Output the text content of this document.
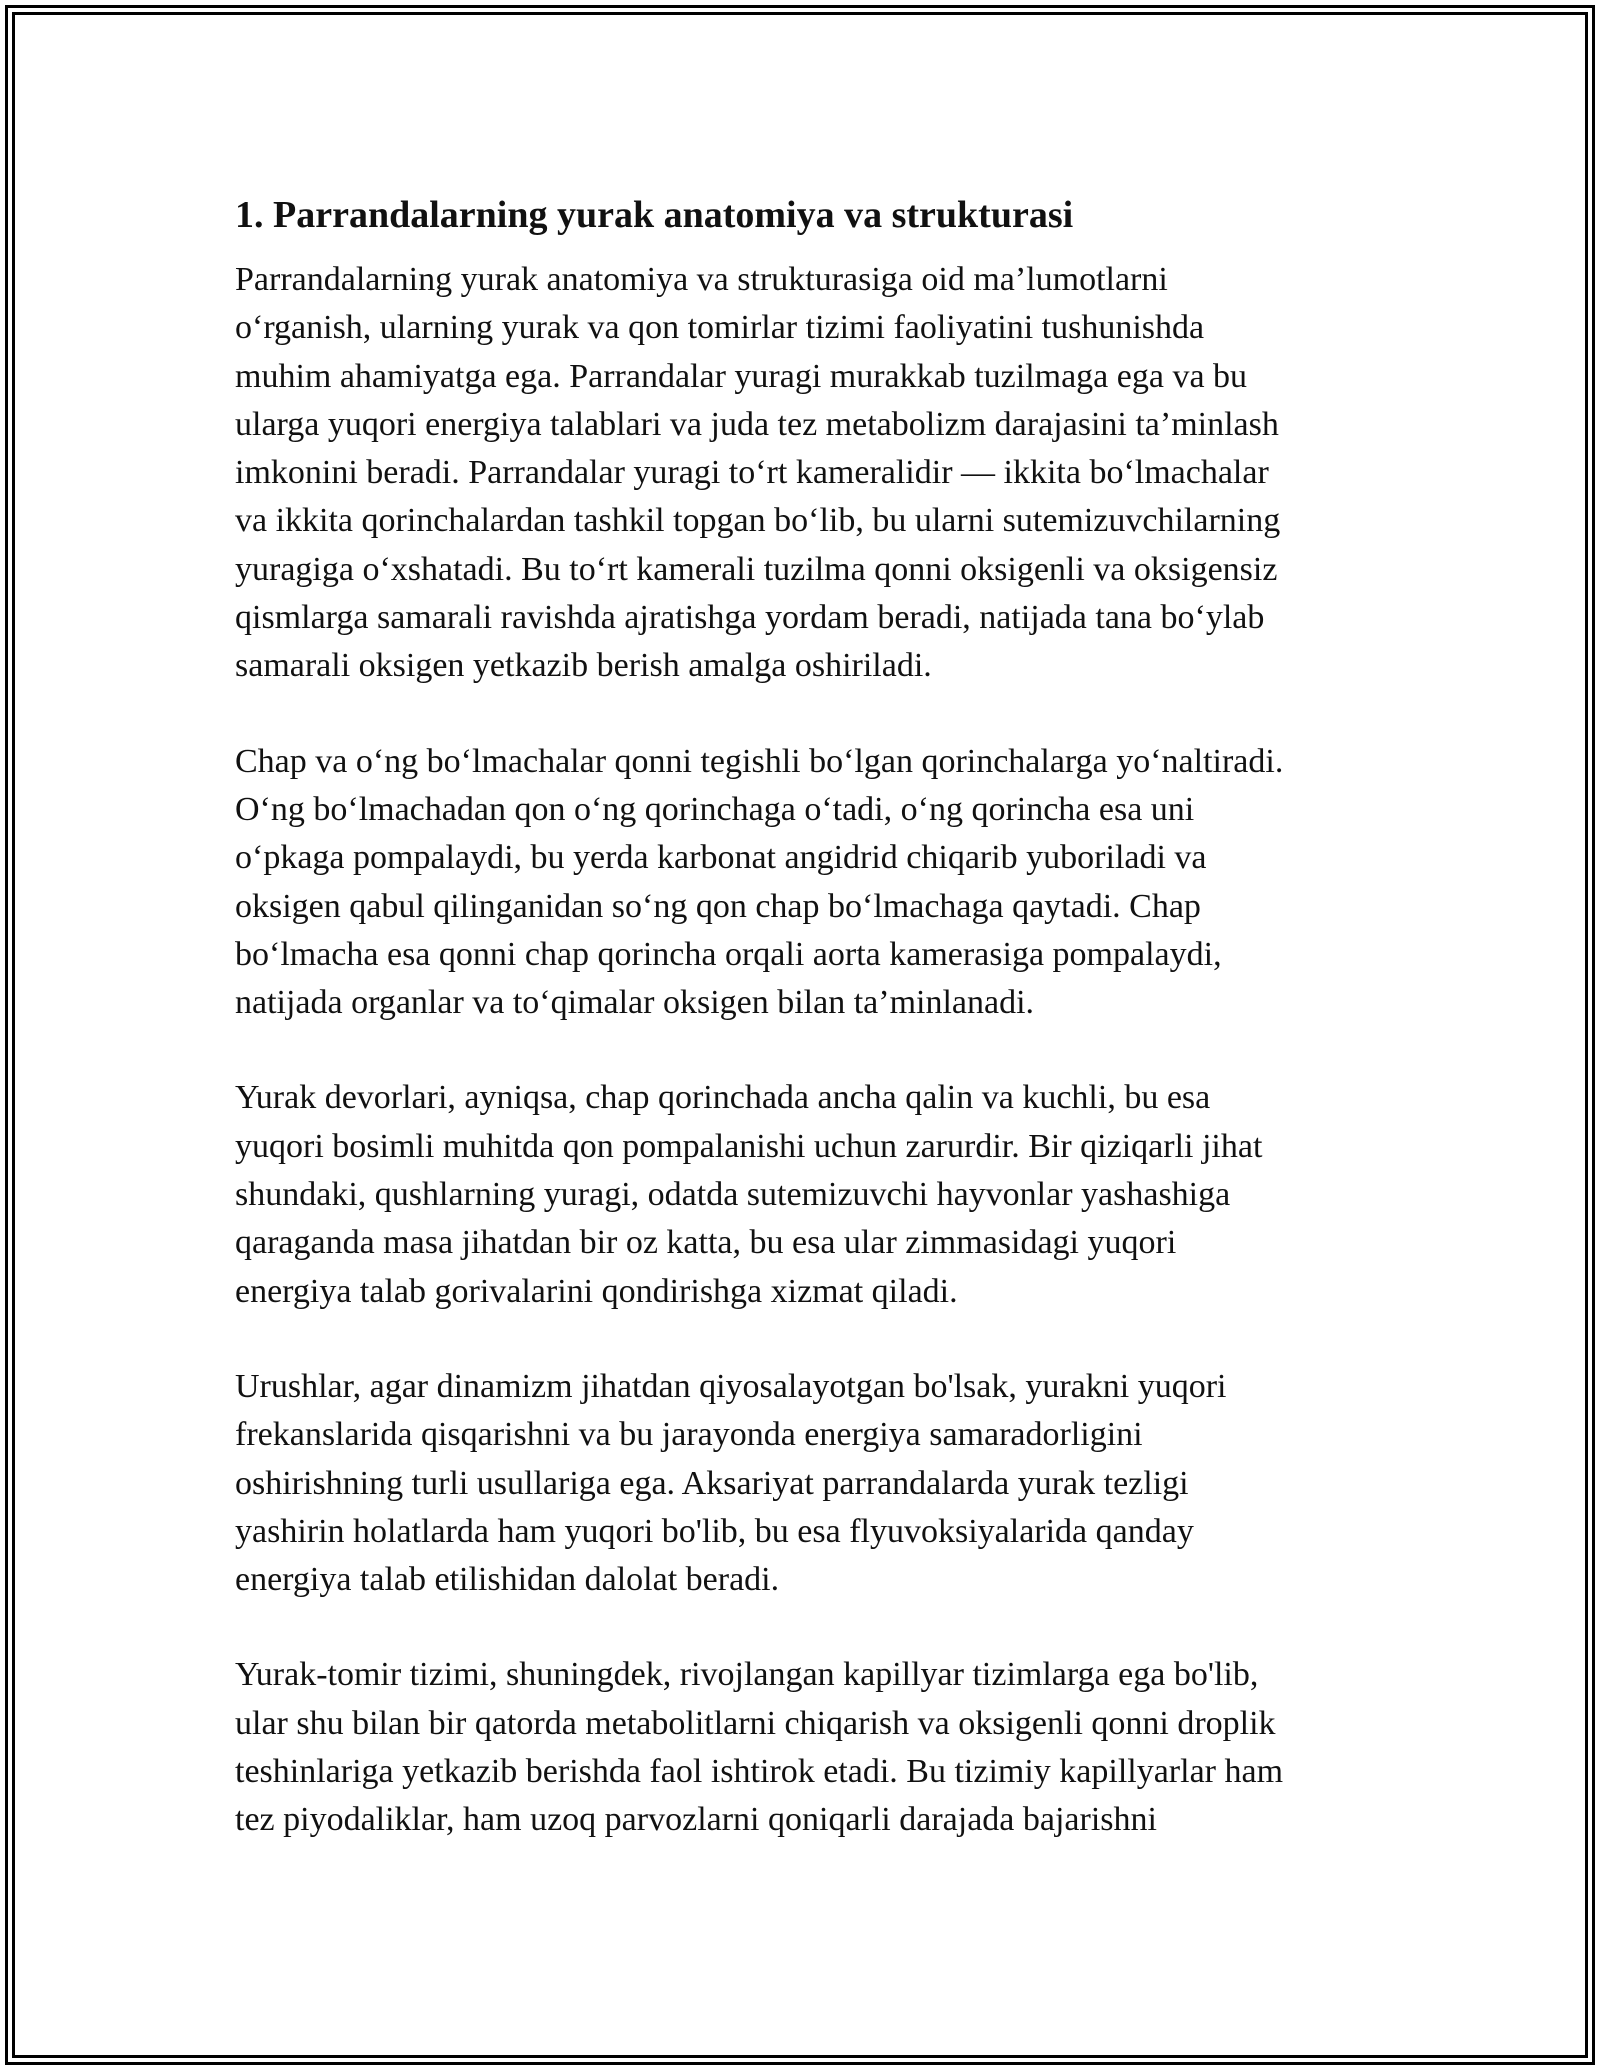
1. Parrandalarning yurak anatomiya va strukturasi

Parrandalarning yurak anatomiya va strukturasiga oid ma’lumotlarni
o‘rganish, ularning yurak va qon tomirlar tizimi faoliyatini tushunishda
muhim ahamiyatga ega. Parrandalar yuragi murakkab tuzilmaga ega va bu
ularga yuqori energiya talablari va juda tez metabolizm darajasini ta’minlash
imkonini beradi. Parrandalar yuragi to‘rt kameralidir — ikkita bo‘lmachalar
va ikkita qorinchalardan tashkil topgan bo‘lib, bu ularni sutemizuvchilarning
yuragiga o‘xshatadi. Bu to‘rt kamerali tuzilma qonni oksigenli va oksigensiz
qismlarga samarali ravishda ajratishga yordam beradi, natijada tana bo‘ylab
samarali oksigen yetkazib berish amalga oshiriladi.

Chap va o‘ng bo‘lmachalar qonni tegishli bo‘lgan qorinchalarga yo‘naltiradi.
O‘ng bo‘lmachadan qon o‘ng qorinchaga o‘tadi, o‘ng qorincha esa uni
o‘pkaga pompalaydi, bu yerda karbonat angidrid chiqarib yuboriladi va
oksigen qabul qilinganidan so‘ng qon chap bo‘lmachaga qaytadi. Chap
bo‘lmacha esa qonni chap qorincha orqali aorta kamerasiga pompalaydi,
natijada organlar va to‘qimalar oksigen bilan ta’minlanadi.

Yurak devorlari, ayniqsa, chap qorinchada ancha qalin va kuchli, bu esa
yuqori bosimli muhitda qon pompalanishi uchun zarurdir. Bir qiziqarli jihat
shundaki, qushlarning yuragi, odatda sutemizuvchi hayvonlar yashashiga
qaraganda masa jihatdan bir oz katta, bu esa ular zimmasidagi yuqori
energiya talab gorivalarini qondirishga xizmat qiladi.

Urushlar, agar dinamizm jihatdan qiyosalayotgan bo'lsak, yurakni yuqori
frekanslarida qisqarishni va bu jarayonda energiya samaradorligini
oshirishning turli usullariga ega. Aksariyat parrandalarda yurak tezligi
yashirin holatlarda ham yuqori bo'lib, bu esa flyuvoksiyalarida qanday
energiya talab etilishidan dalolat beradi.

Yurak-tomir tizimi, shuningdek, rivojlangan kapillyar tizimlarga ega bo'lib,
ular shu bilan bir qatorda metabolitlarni chiqarish va oksigenli qonni droplik
teshinlariga yetkazib berishda faol ishtirok etadi. Bu tizimiy kapillyarlar ham
tez piyodaliklar, ham uzoq parvozlarni qoniqarli darajada bajarishni
